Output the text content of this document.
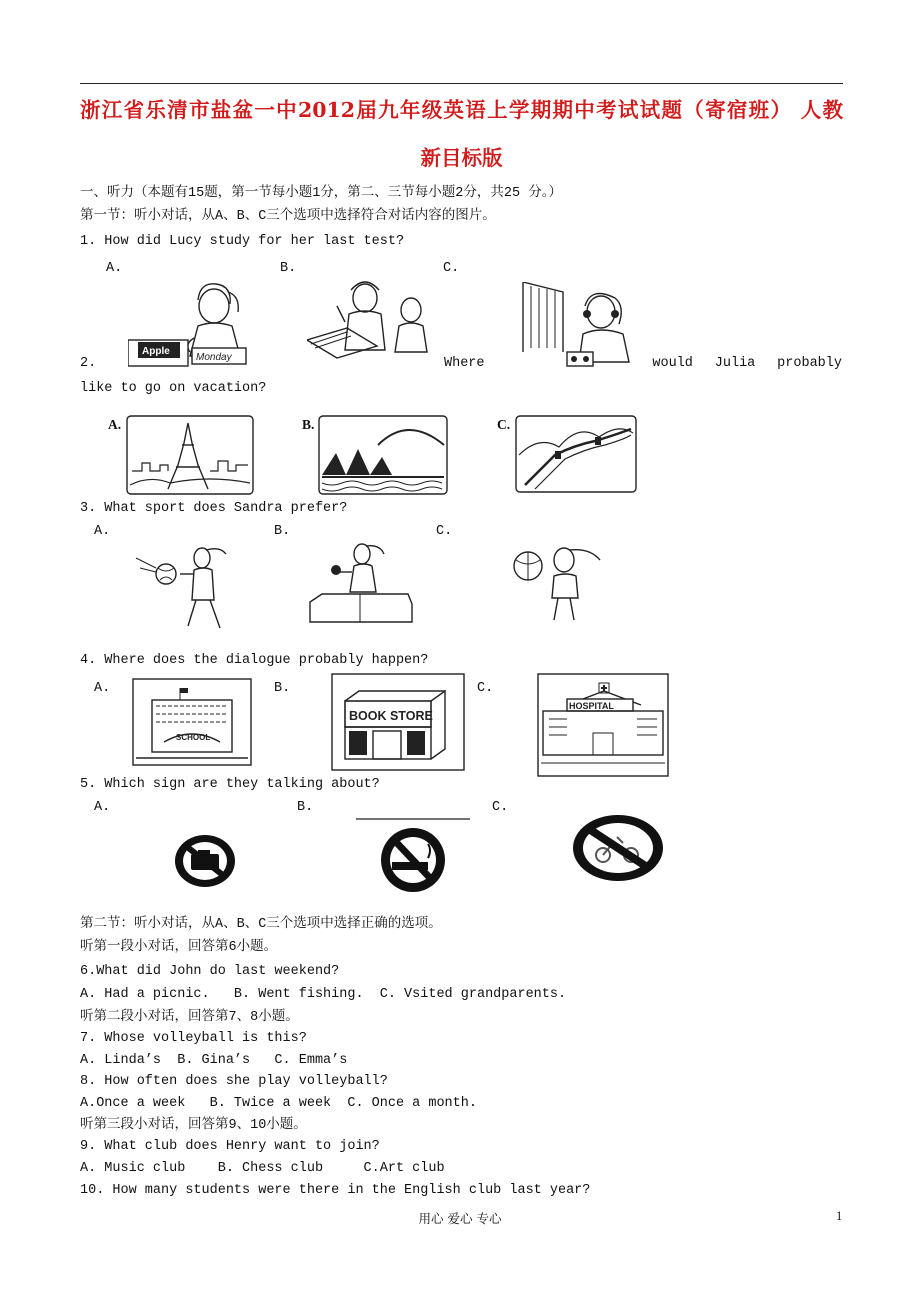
浙江省乐清市盐盆一中2012届九年级英语上学期期中考试试题（寄宿班） 人教
新目标版
一、听力（本题有15题，第一节每小题1分，第二、三节每小题2分，共25 分。）
第一节：听小对话，从A、B、C三个选项中选择符合对话内容的图片。
1. How did Lucy study for her last test?
A.	B.	C.
Apple
Monday
2.	Where	would Julia probably
like to go on vacation?
A.	B.	C.
3. What sport does Sandra prefer?
A.	B.	C.
4. Where does the dialogue probably happen?
A.	B.	C.
SCHOOL
BOOK STORE
HOSPITAL
5. Which sign are they talking about?
A.	B.	C.
第二节：听小对话，从A、B、C三个选项中选择正确的选项。
听第一段小对话，回答第6小题。
6.What did John do last weekend?
A. Had a picnic.   B. Went fishing.  C. Vsited grandparents.
听第二段小对话，回答第7、8小题。
7. Whose volleyball is this?
A. Linda’s  B. Gina’s   C. Emma’s
8. How often does she play volleyball?
A.Once a week   B. Twice a week  C. Once a month.
听第三段小对话，回答第9、10小题。
9. What club does Henry want to join?
A. Music club    B. Chess club     C.Art club
10. How many students were there in the English club last year?
用心 爱心 专心	1
